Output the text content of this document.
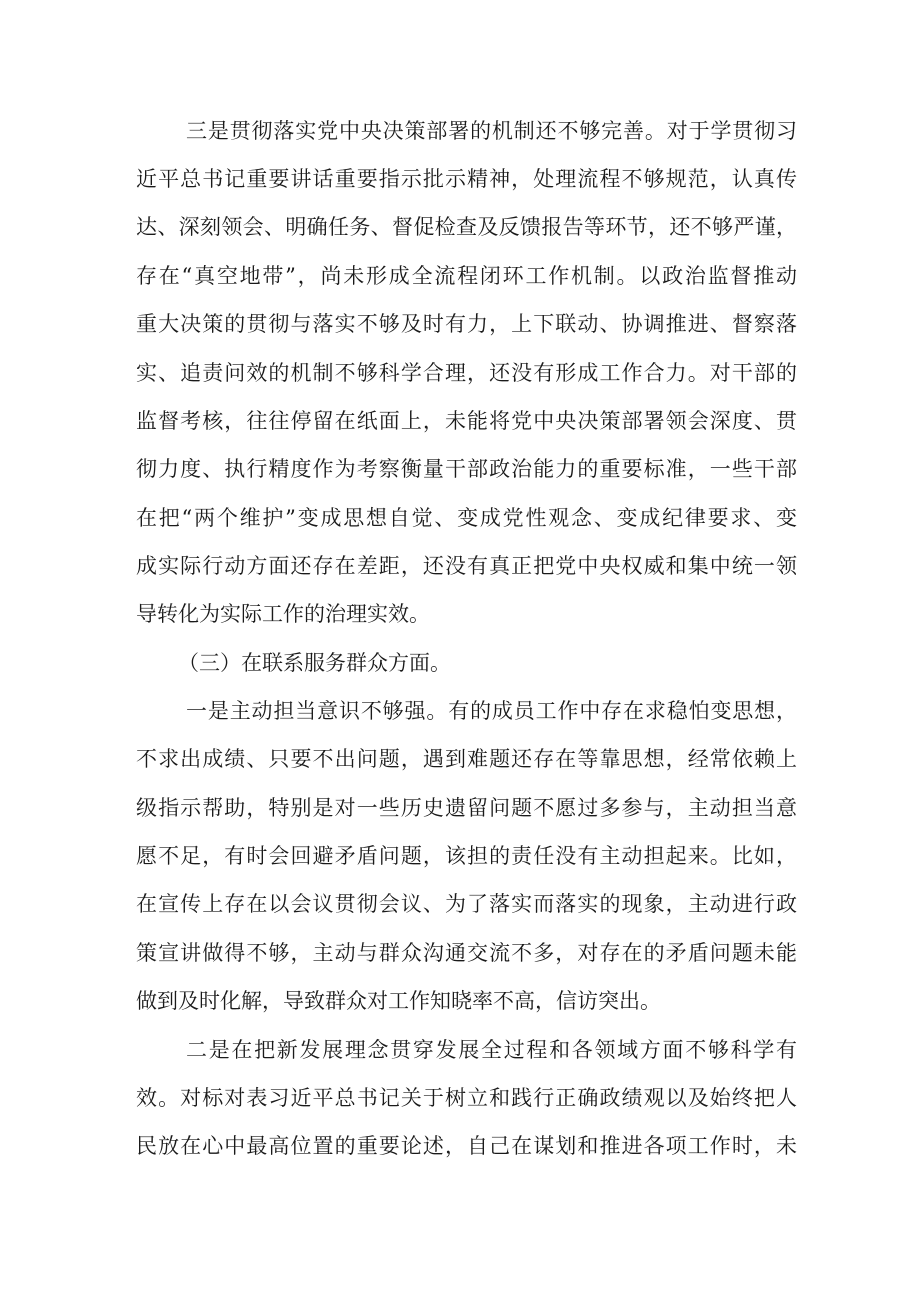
三是贯彻落实党中央决策部署的机制还不够完善。对于学贯彻习
近平总书记重要讲话重要指示批示精神，处理流程不够规范，认真传
达、深刻领会、明确任务、督促检查及反馈报告等环节，还不够严谨，
存在“真空地带”，尚未形成全流程闭环工作机制。以政治监督推动
重大决策的贯彻与落实不够及时有力，上下联动、协调推进、督察落
实、追责问效的机制不够科学合理，还没有形成工作合力。对干部的
监督考核，往往停留在纸面上，未能将党中央决策部署领会深度、贯
彻力度、执行精度作为考察衡量干部政治能力的重要标准，一些干部
在把“两个维护”变成思想自觉、变成党性观念、变成纪律要求、变
成实际行动方面还存在差距，还没有真正把党中央权威和集中统一领
导转化为实际工作的治理实效。
（三）在联系服务群众方面。
一是主动担当意识不够强。有的成员工作中存在求稳怕变思想，
不求出成绩、只要不出问题，遇到难题还存在等靠思想，经常依赖上
级指示帮助，特别是对一些历史遗留问题不愿过多参与，主动担当意
愿不足，有时会回避矛盾问题，该担的责任没有主动担起来。比如，
在宣传上存在以会议贯彻会议、为了落实而落实的现象，主动进行政
策宣讲做得不够，主动与群众沟通交流不多，对存在的矛盾问题未能
做到及时化解，导致群众对工作知晓率不高，信访突出。
二是在把新发展理念贯穿发展全过程和各领域方面不够科学有
效。对标对表习近平总书记关于树立和践行正确政绩观以及始终把人
民放在心中最高位置的重要论述，自己在谋划和推进各项工作时，未
